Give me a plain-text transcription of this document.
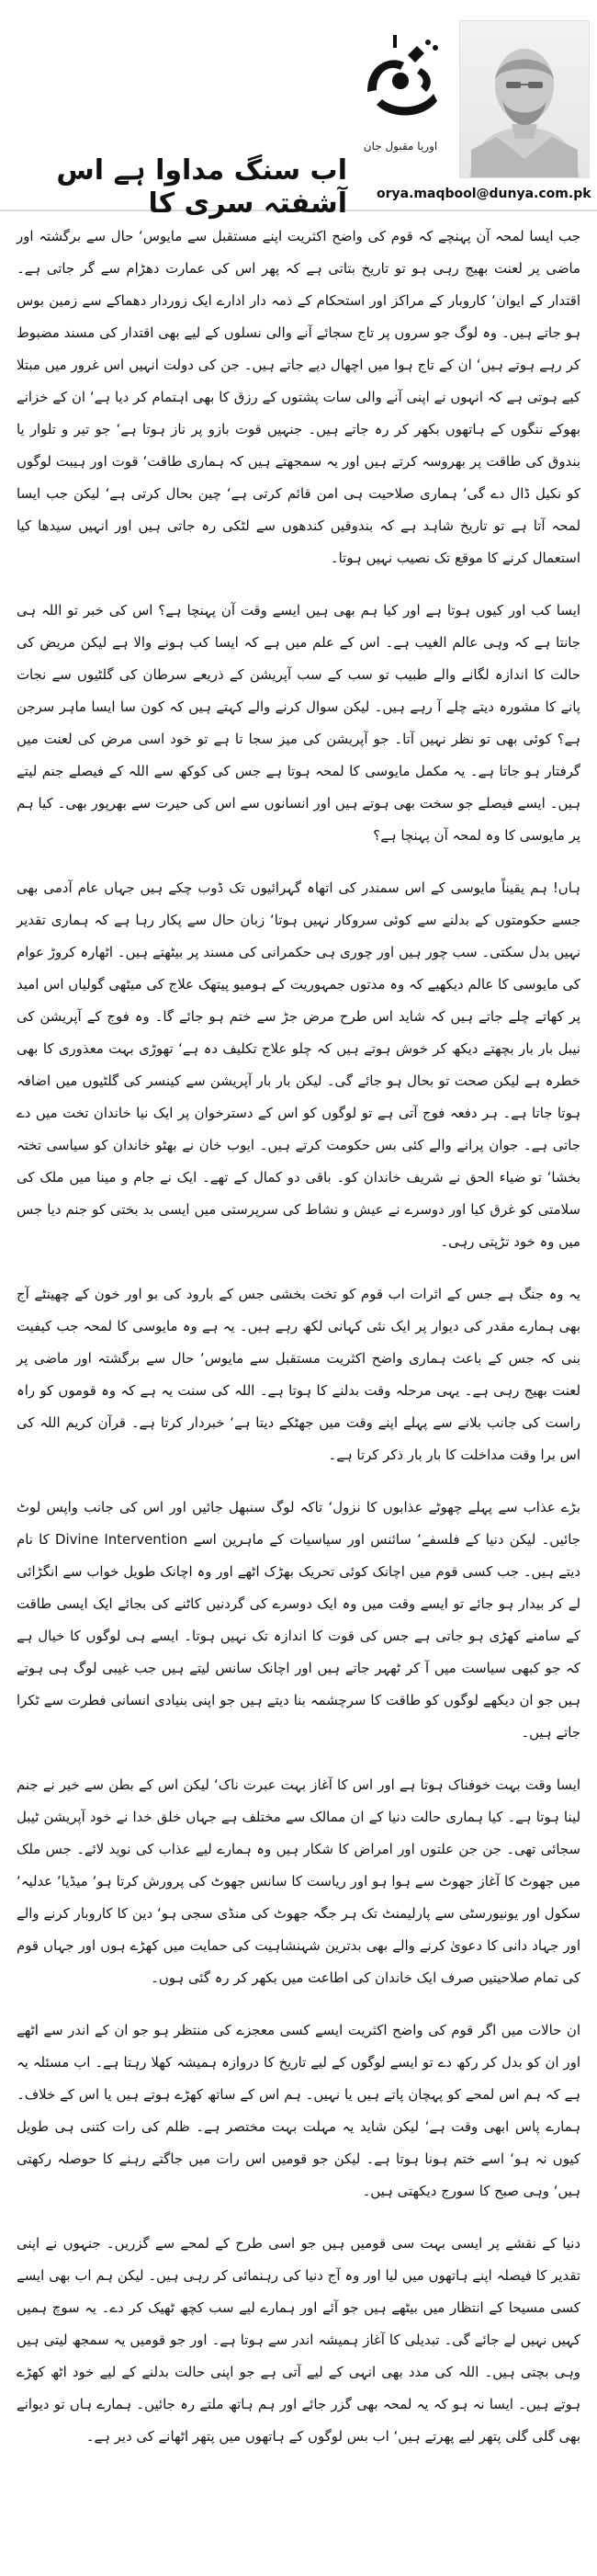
اب سنگ مداوا ہے اس آشفتہ سری کا
اوریا مقبول جان
orya.maqbool@dunya.com.pk

جب ایسا لمحہ آن پہنچے کہ قوم کی واضح اکثریت اپنے مستقبل سے مایوس‘ حال سے برگشتہ اور ماضی پر لعنت بھیج رہی ہو تو تاریخ بتاتی ہے کہ پھر اس کی عمارت دھڑام سے گر جاتی ہے۔ اقتدار کے ایوان‘ کاروبار کے مراکز اور استحکام کے ذمہ دار ادارے ایک زوردار دھماکے سے زمین بوس ہو جاتے ہیں۔ وہ لوگ جو سروں پر تاج سجائے آنے والی نسلوں کے لیے بھی اقتدار کی مسند مضبوط کر رہے ہوتے ہیں‘ ان کے تاج ہوا میں اچھال دیے جاتے ہیں۔ جن کی دولت انہیں اس غرور میں مبتلا کیے ہوتی ہے کہ انہوں نے اپنی آنے والی سات پشتوں کے رزق کا بھی اہتمام کر دیا ہے‘ ان کے خزانے بھوکے ننگوں کے ہاتھوں بکھر کر رہ جاتے ہیں۔ جنہیں قوت بازو پر ناز ہوتا ہے‘ جو تیر و تلوار یا بندوق کی طاقت پر بھروسہ کرتے ہیں اور یہ سمجھتے ہیں کہ ہماری طاقت‘ قوت اور ہیبت لوگوں کو نکیل ڈال دے گی‘ ہماری صلاحیت ہی امن قائم کرتی ہے‘ چین بحال کرتی ہے‘ لیکن جب ایسا لمحہ آتا ہے تو تاریخ شاہد ہے کہ بندوقیں کندھوں سے لٹکی رہ جاتی ہیں اور انہیں سیدھا کیا استعمال کرنے کا موقع تک نصیب نہیں ہوتا۔

ایسا کب اور کیوں ہوتا ہے اور کیا ہم بھی ہیں ایسے وقت آن پہنچا ہے؟ اس کی خبر تو اللہ ہی جانتا ہے کہ وہی عالم الغیب ہے۔ اس کے علم میں ہے کہ ایسا کب ہونے والا ہے لیکن مریض کی حالت کا اندازہ لگانے والے طبیب تو سب کے سب آپریشن کے ذریعے سرطان کی گلٹیوں سے نجات پانے کا مشورہ دیتے چلے آ رہے ہیں۔ لیکن سوال کرنے والے کہتے ہیں کہ کون سا ایسا ماہر سرجن ہے؟ کوئی بھی تو نظر نہیں آتا۔ جو آپریشن کی میز سجا تا ہے تو خود اسی مرض کی لعنت میں گرفتار ہو جاتا ہے۔ یہ مکمل مایوسی کا لمحہ ہوتا ہے جس کی کوکھ سے اللہ کے فیصلے جنم لیتے ہیں۔ ایسے فیصلے جو سخت بھی ہوتے ہیں اور انسانوں سے اس کی حیرت سے بھرپور بھی۔ کیا ہم پر مایوسی کا وہ لمحہ آن پہنچا ہے؟

ہاں! ہم یقیناً مایوسی کے اس سمندر کی اتھاہ گہرائیوں تک ڈوب چکے ہیں جہاں عام آدمی بھی جسے حکومتوں کے بدلنے سے کوئی سروکار نہیں ہوتا‘ زبان حال سے پکار رہا ہے کہ ہماری تقدیر نہیں بدل سکتی۔ سب چور ہیں اور چوری ہی حکمرانی کی مسند پر بیٹھتے ہیں۔ اٹھارہ کروڑ عوام کی مایوسی کا عالم دیکھیے کہ وہ مدتوں جمہوریت کے ہومیو پیتھک علاج کی میٹھی گولیاں اس امید پر کھاتے چلے جاتے ہیں کہ شاید اس طرح مرض جڑ سے ختم ہو جائے گا۔ وہ فوج کے آپریشن کی نیبل بار بار بچھتے دیکھ کر خوش ہوتے ہیں کہ چلو علاج تکلیف دہ ہے‘ تھوڑی بہت معذوری کا بھی خطرہ ہے لیکن صحت تو بحال ہو جائے گی۔ لیکن بار بار آپریشن سے کینسر کی گلٹیوں میں اضافہ ہوتا جاتا ہے۔ ہر دفعہ فوج آتی ہے تو لوگوں کو اس کے دسترخوان پر ایک نیا خاندان تخت میں دے جاتی ہے۔ جوان پرانے والے کئی بس حکومت کرتے ہیں۔ ایوب خان نے بھٹو خاندان کو سیاسی تختہ بخشا‘ تو ضیاء الحق نے شریف خاندان کو۔ باقی دو کمال کے تھے۔ ایک نے جام و مینا میں ملک کی سلامتی کو غرق کیا اور دوسرے نے عیش و نشاط کی سرپرستی میں ایسی بد بختی کو جنم دیا جس میں وہ خود تڑپتی رہی۔

یہ وہ جنگ ہے جس کے اثرات اب قوم کو تخت بخشی جس کے بارود کی بو اور خون کے چھینٹے آج بھی ہمارے مقدر کی دیوار پر ایک نئی کہانی لکھ رہے ہیں۔ یہ ہے وہ مایوسی کا لمحہ جب کیفیت بنی کہ جس کے باعث ہماری واضح اکثریت مستقبل سے مایوس‘ حال سے برگشتہ اور ماضی پر لعنت بھیج رہی ہے۔ یہی مرحلہ وقت بدلنے کا ہوتا ہے۔ اللہ کی سنت یہ ہے کہ وہ قوموں کو راہ راست کی جانب بلانے سے پہلے اپنے وقت میں جھٹکے دیتا ہے‘ خبردار کرتا ہے۔ قرآن کریم اللہ کی اس برا وقت مداخلت کا بار بار ذکر کرتا ہے۔

بڑے عذاب سے پہلے چھوٹے عذابوں کا نزول‘ تاکہ لوگ سنبھل جائیں اور اس کی جانب واپس لوٹ جائیں۔ لیکن دنیا کے فلسفے‘ سائنس اور سیاسیات کے ماہرین اسے Divine Intervention کا نام دیتے ہیں۔ جب کسی قوم میں اچانک کوئی تحریک بھڑک اٹھے اور وہ اچانک طویل خواب سے انگڑائی لے کر بیدار ہو جائے تو ایسے وقت میں وہ ایک دوسرے کی گردنیں کاٹنے کی بجائے ایک ایسی طاقت کے سامنے کھڑی ہو جاتی ہے جس کی قوت کا اندازہ تک نہیں ہوتا۔ ایسے ہی لوگوں کا خیال ہے کہ جو کبھی سیاست میں آ کر ٹھہر جاتے ہیں اور اچانک سانس لیتے ہیں جب غیبی لوگ ہی ہوتے ہیں جو ان دیکھے لوگوں کو طاقت کا سرچشمہ بنا دیتے ہیں جو اپنی بنیادی انسانی فطرت سے ٹکرا جاتے ہیں۔

ایسا وقت بہت خوفناک ہوتا ہے اور اس کا آغاز بہت عبرت ناک‘ لیکن اس کے بطن سے خیر نے جنم لینا ہوتا ہے۔ کیا ہماری حالت دنیا کے ان ممالک سے مختلف ہے جہاں خلق خدا نے خود آپریشن ٹیبل سجائی تھی۔ جن جن علتوں اور امراض کا شکار ہیں وہ ہمارے لیے عذاب کی نوید لائے۔ جس ملک میں جھوٹ کا آغاز جھوٹ سے ہوا ہو اور ریاست کا سانس جھوٹ کی پرورش کرتا ہو‘ میڈیا‘ عدلیہ‘ سکول اور یونیورسٹی سے پارلیمنٹ تک ہر جگہ جھوٹ کی منڈی سجی ہو‘ دین کا کاروبار کرنے والے اور جہاد دانی کا دعویٰ کرنے والے بھی بدترین شہنشاہیت کی حمایت میں کھڑے ہوں اور جہاں قوم کی تمام صلاحیتیں صرف ایک خاندان کی اطاعت میں بکھر کر رہ گئی ہوں۔

ان حالات میں اگر قوم کی واضح اکثریت ایسے کسی معجزے کی منتظر ہو جو ان کے اندر سے اٹھے اور ان کو بدل کر رکھ دے تو ایسے لوگوں کے لیے تاریخ کا دروازہ ہمیشہ کھلا رہتا ہے۔ اب مسئلہ یہ ہے کہ ہم اس لمحے کو پہچان پاتے ہیں یا نہیں۔ ہم اس کے ساتھ کھڑے ہوتے ہیں یا اس کے خلاف۔ ہمارے پاس ابھی وقت ہے‘ لیکن شاید یہ مہلت بہت مختصر ہے۔ ظلم کی رات کتنی ہی طویل کیوں نہ ہو‘ اسے ختم ہونا ہوتا ہے۔ لیکن جو قومیں اس رات میں جاگتے رہنے کا حوصلہ رکھتی ہیں‘ وہی صبح کا سورج دیکھتی ہیں۔

دنیا کے نقشے پر ایسی بہت سی قومیں ہیں جو اسی طرح کے لمحے سے گزریں۔ جنہوں نے اپنی تقدیر کا فیصلہ اپنے ہاتھوں میں لیا اور وہ آج دنیا کی رہنمائی کر رہی ہیں۔ لیکن ہم اب بھی ایسے کسی مسیحا کے انتظار میں بیٹھے ہیں جو آئے اور ہمارے لیے سب کچھ ٹھیک کر دے۔ یہ سوچ ہمیں کہیں نہیں لے جائے گی۔ تبدیلی کا آغاز ہمیشہ اندر سے ہوتا ہے۔ اور جو قومیں یہ سمجھ لیتی ہیں وہی بچتی ہیں۔ اللہ کی مدد بھی انہی کے لیے آتی ہے جو اپنی حالت بدلنے کے لیے خود اٹھ کھڑے ہوتے ہیں۔ ایسا نہ ہو کہ یہ لمحہ بھی گزر جائے اور ہم ہاتھ ملتے رہ جائیں۔ ہمارے ہاں تو دیوانے بھی گلی گلی پتھر لیے پھرتے ہیں‘ اب بس لوگوں کے ہاتھوں میں پتھر اٹھانے کی دیر ہے۔
